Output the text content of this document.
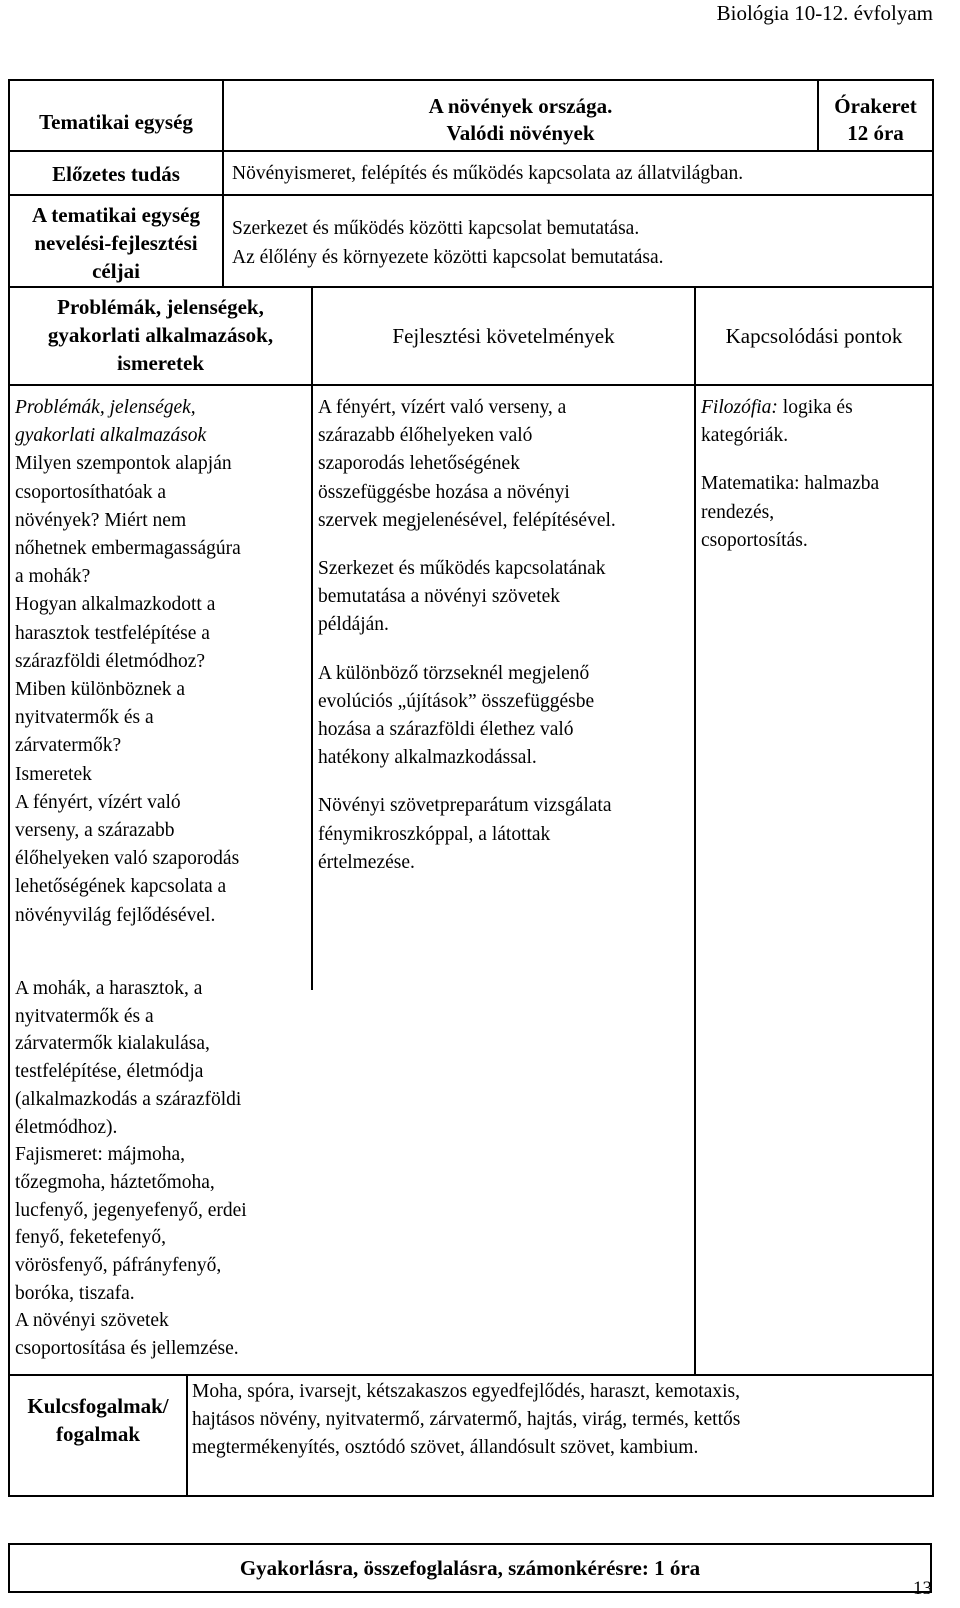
Biológia 10-12. évfolyam
Tematikai egység
A növények országa.
Valódi növények
Órakeret
12 óra
Előzetes tudás	Növényismeret, felépítés és működés kapcsolata az állatvilágban.
A tematikai egység
nevelési-fejlesztési
céljai
Szerkezet és működés közötti kapcsolat bemutatása.
Az élőlény és környezete közötti kapcsolat bemutatása.
Problémák, jelenségek,
gyakorlati alkalmazások,
ismeretek
Fejlesztési követelmények	Kapcsolódási pontok

Problémák, jelenségek,
gyakorlati alkalmazások

Milyen szempontok alapján
csoportosíthatóak a
növények? Miért nem
nőhetnek embermagasságúra
a mohák?
Hogyan alkalmazkodott a
harasztok testfelépítése a
szárazföldi életmódhoz?
Miben különböznek a
nyitvatermők és a
zárvatermők?

Ismeretek

A fényért, vízért való
verseny, a szárazabb
élőhelyeken való szaporodás
lehetőségének kapcsolata a
növényvilág fejlődésével.

A mohák, a harasztok, a
nyitvatermők és a
zárvatermők kialakulása,
testfelépítése, életmódja
(alkalmazkodás a szárazföldi
életmódhoz).
Fajismeret: májmoha,
tőzegmoha, háztetőmoha,
lucfenyő, jegenyefenyő, erdei
fenyő, feketefenyő,
vörösfenyő, páfrányfenyő,
boróka, tiszafa.
A növényi szövetek
csoportosítása és jellemzése.

A fényért, vízért való verseny, a
szárazabb élőhelyeken való
szaporodás lehetőségének
összefüggésbe hozása a növényi
szervek megjelenésével, felépítésével.

Szerkezet és működés kapcsolatának
bemutatása a növényi szövetek
példáján.

A különböző törzseknél megjelenő
evolúciós „újítások” összefüggésbe
hozása a szárazföldi élethez való
hatékony alkalmazkodással.

Növényi szövetpreparátum vizsgálata
fénymikroszkóppal, a látottak
értelmezése.

Filozófia: logika és
kategóriák.

Matematika: halmazba
rendezés,
csoportosítás.

Kulcsfogalmak/
fogalmak
Moha, spóra, ivarsejt, kétszakaszos egyedfejlődés, haraszt, kemotaxis,
hajtásos növény, nyitvatermő, zárvatermő, hajtás, virág, termés, kettős
megtermékenyítés, osztódó szövet, állandósult szövet, kambium.
Gyakorlásra, összefoglalásra, számonkérésre: 1 óra
13
